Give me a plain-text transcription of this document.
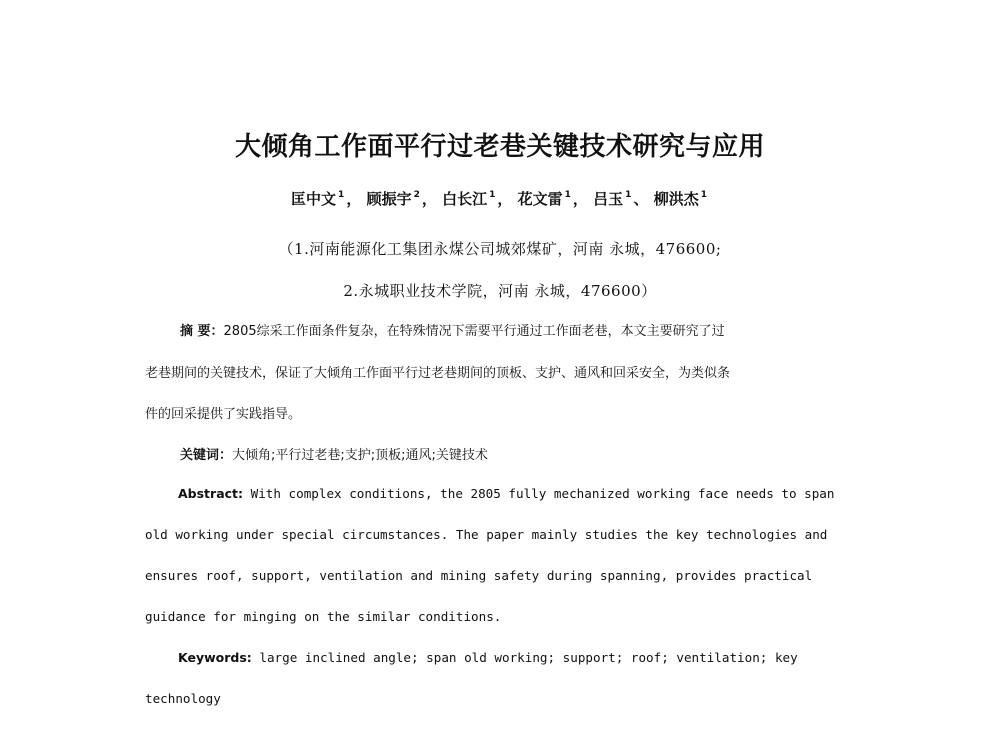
大倾角工作面平行过老巷关键技术研究与应用
匡中文 $^1$ ， 顾振宇 $^2$ ， 白长江 $^1$ ， 花文雷 $^1$ ， 吕玉 $^1$ 、 柳洪杰 $^1$
（1.河南能源化工集团永煤公司城郊煤矿，河南 永城，476600;
2.永城职业技术学院，河南 永城，476600）
摘 要：2805综采工作面条件复杂，在特殊情况下需要平行通过工作面老巷，本文主要研究了过
老巷期间的关键技术，保证了大倾角工作面平行过老巷期间的顶板、支护、通风和回采安全，为类似条
件的回采提供了实践指导。
关键词：大倾角;平行过老巷;支护;顶板;通风;关键技术
Abstract: With complex conditions, the 2805 fully mechanized working face needs to span
old working under special circumstances. The paper mainly studies the key technologies and
ensures roof, support, ventilation and mining safety during spanning, provides practical
guidance for minging on the similar conditions.
Keywords: large inclined angle; span old working; support; roof; ventilation; key
technology
